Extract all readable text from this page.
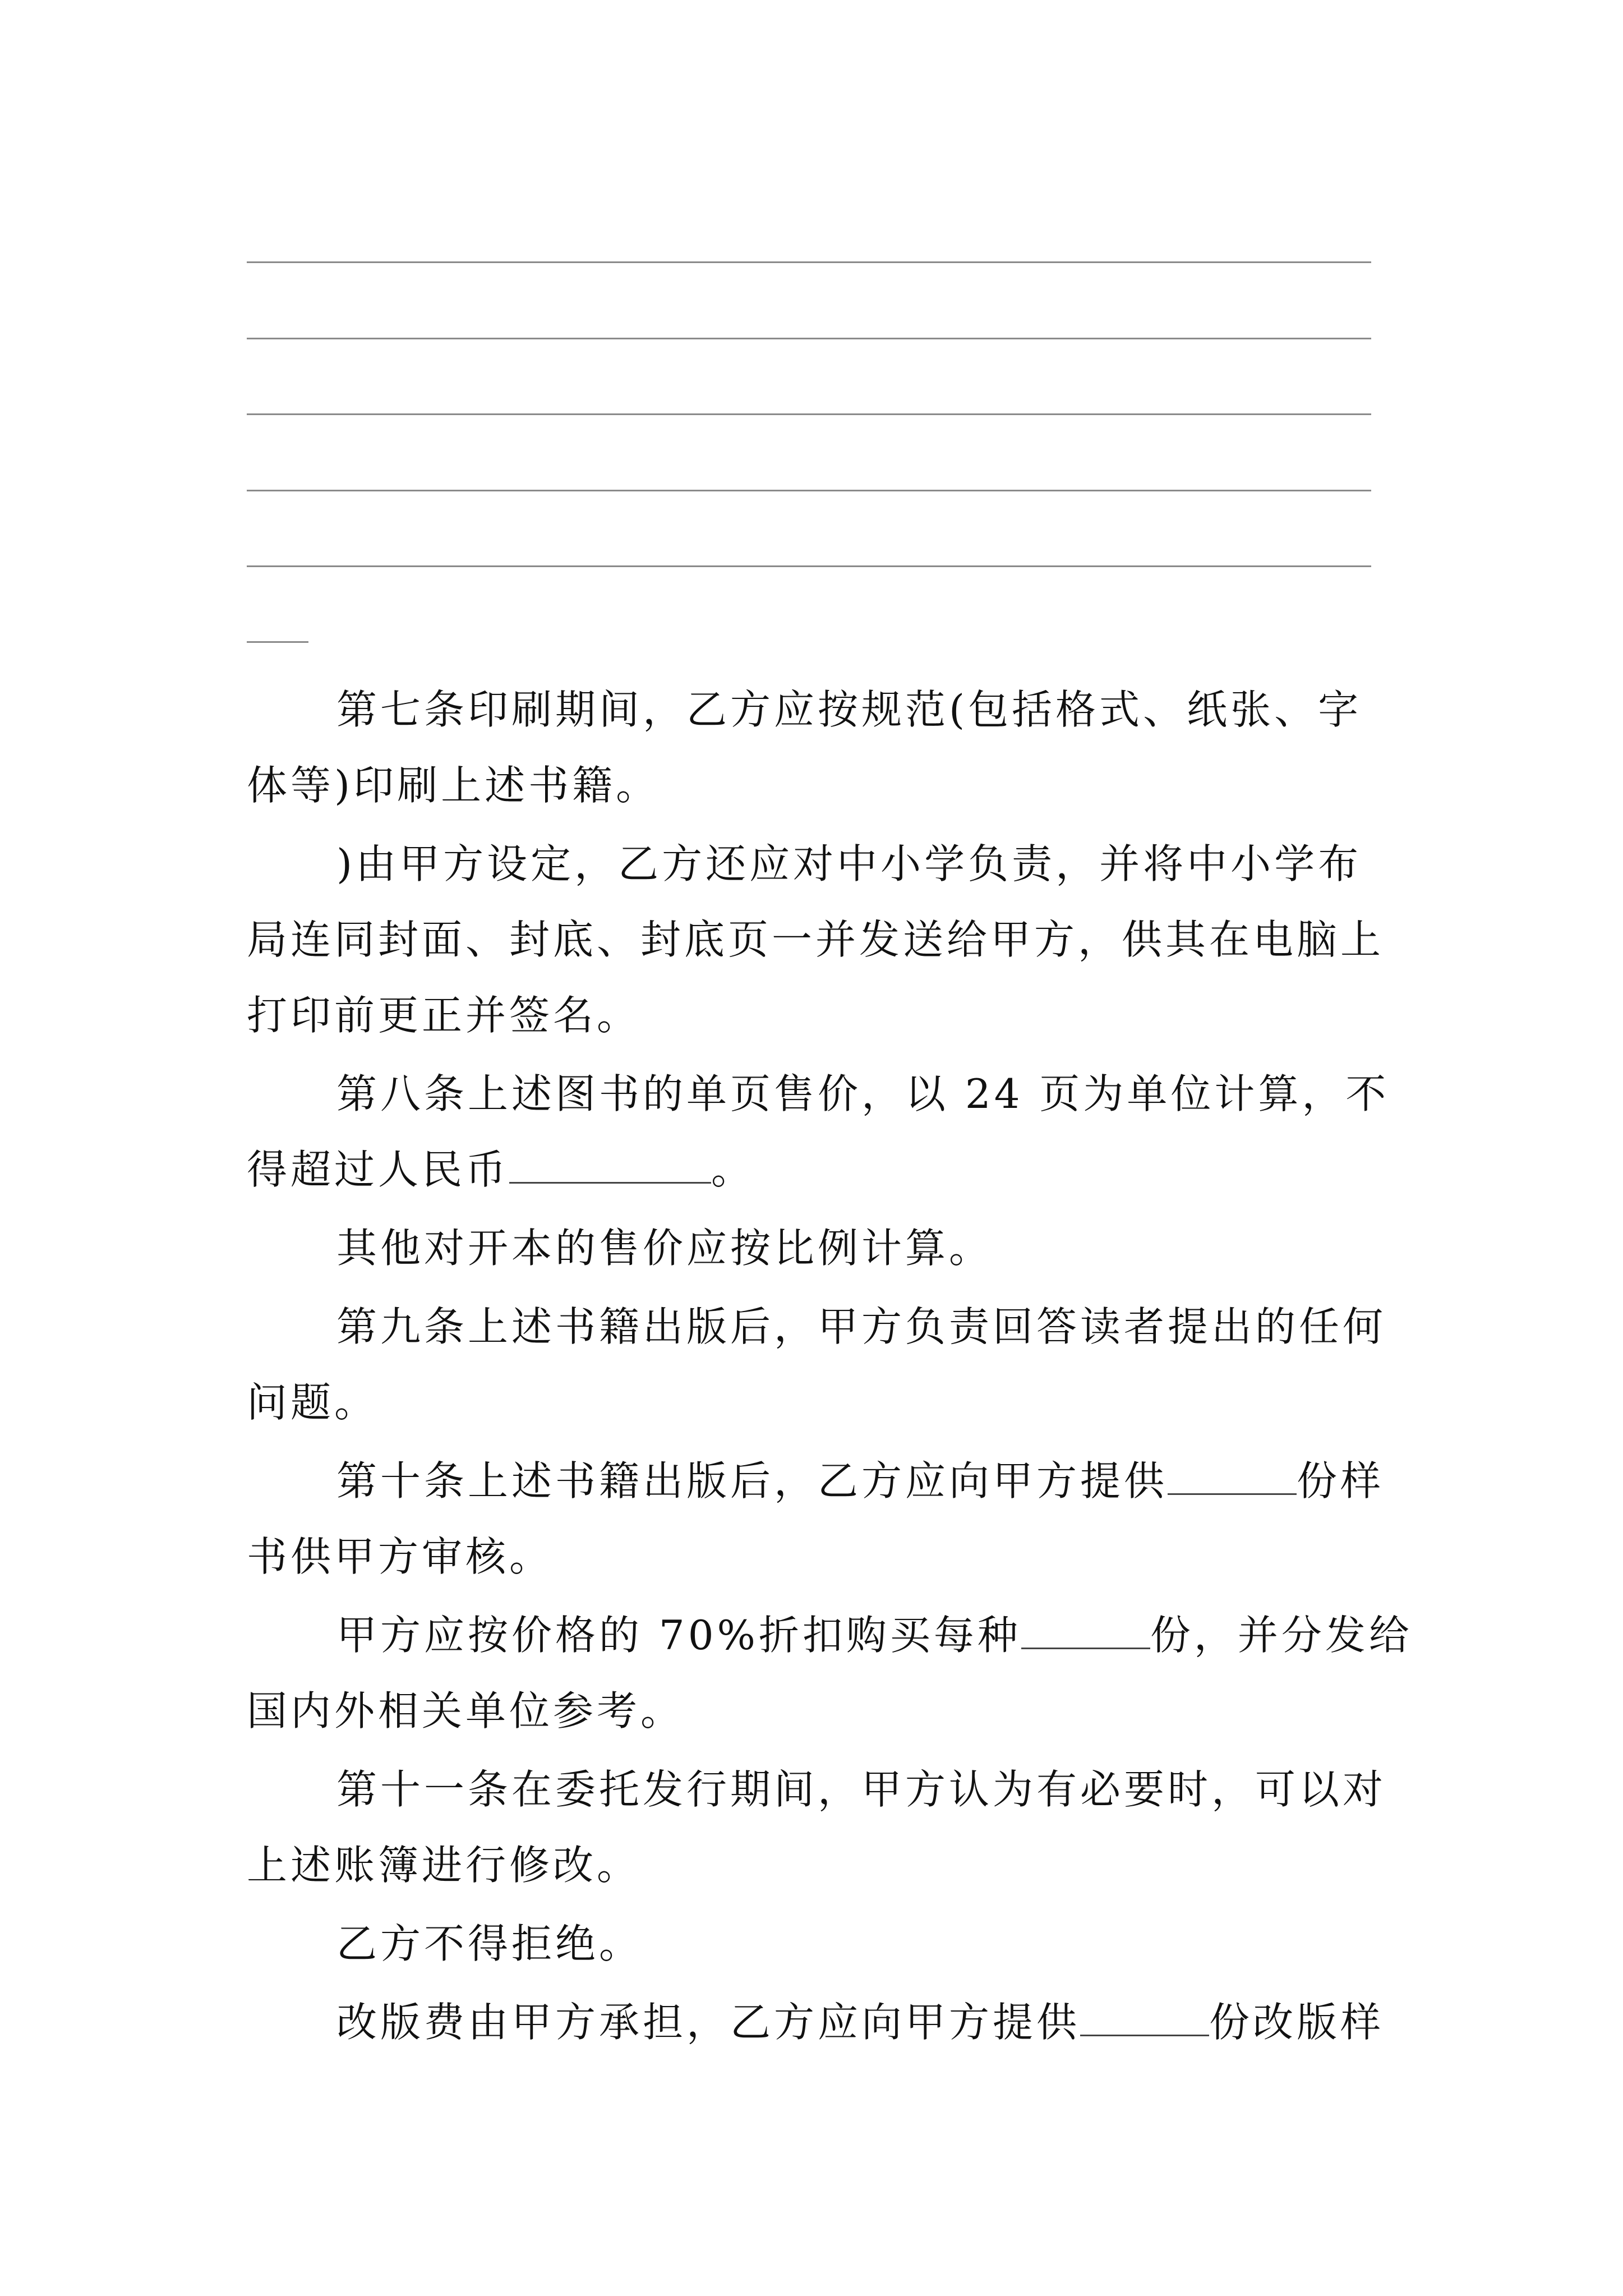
第七条印刷期间，乙方应按规范(包括格式、纸张、字
体等)印刷上述书籍。
)由甲方设定，乙方还应对中小学负责，并将中小学布
局连同封面、封底、封底页一并发送给甲方，供其在电脑上
打印前更正并签名。
第八条上述图书的单页售价，以 24 页为单位计算，不
得超过人民币	。
其他对开本的售价应按比例计算。
第九条上述书籍出版后，甲方负责回答读者提出的任何
问题。
第十条上述书籍出版后，乙方应向甲方提供	份样
书供甲方审核。
甲方应按价格的 70%折扣购买每种	份，并分发给
国内外相关单位参考。
第十一条在委托发行期间，甲方认为有必要时，可以对
上述账簿进行修改。
乙方不得拒绝。
改版费由甲方承担，乙方应向甲方提供	份改版样
